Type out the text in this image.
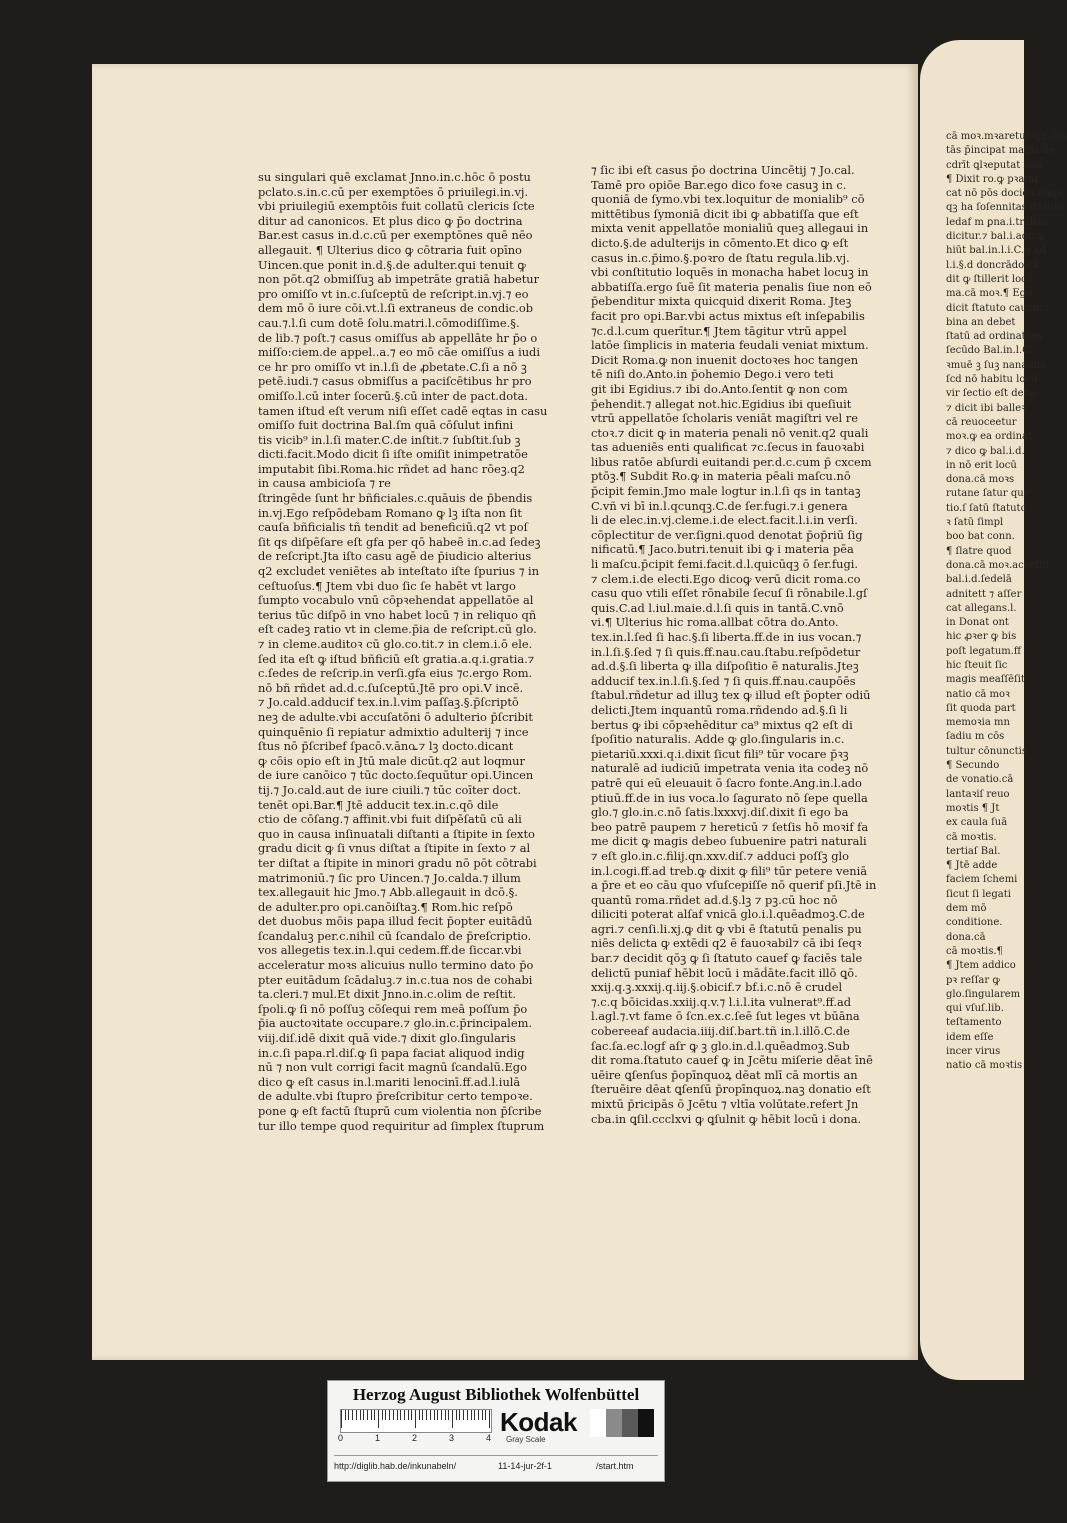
cā moꝛ.mꝛaretur q2 doꝛ
tās p̄incipat magis de
cdrīt ꝗlꝛeputat ſing
¶ Dixit ro.ꝙ pꝛatat
cat nō pōs dociē i aliqs
qꝫ ha ſoſennitas ſtatuta
ledaf m ꝑna.i.tralſac.
dicitur.⁊ bal.i.adc.ꝙ
hiūt bal.in.l.i.C.q ad
l.i.§.d doncrādo.cā
dit ꝙ ſtillerit locū
ma.cā moꝛ.¶ Ego
dicit ſtatuto caueur
bina an debet
ſtatū ad ordinatōes
ſecūdo Bal.in.l.C.
ꝛmuē ꝫ ſuꝫ nananno
ſcd nō habitu locū
vir ſectio eſt debe
⁊ dicit ibi balleꝛ
cā reuoceetur
moꝛ.ꝙ ea ordinat
⁊ dico ꝙ bal.i.d.
in nō erit locū
dona.cā moꝛs
rutane ſatur que
tio.ſ ſatū ſtatuto
ꝛ ſatū ſimpl
boo bat conn.
¶ ſlatre quod
dona.cā moꝛ.acceſſit
bal.i.d.ſedelā
adnitett ⁊ aſſer
cat allegans.l.
in Donat ont
hic ꝓꝛer ꝙ bis
poſt legatum.ff
hic ſteuit ſic
magis meaſſēſit
natio cā moꝛ
ſit quoda part
memoꝛia mn
ſadiu m cōs
tultur cōnunctis
¶ Secundo
de vonatio.cā
lantaꝛiſ reuo
moꝛtis ¶ Jt
ex caula ſuā
cā moꝛtis.
tertiaſ Bal.
¶ Jtē adde
faciem ſchemi
ſicut ſi legati
dem mō
conditione.
dona.cā
cā moꝛtis.¶
¶ Jtem addico
pꝛ reſſar ꝙ
glo.ſingularem
qui vſuſ.lib.
teſtamento
idem eſſe
incer virus
natio cā moꝛtis
su singulari quē exclamat Jnno.in.c.hōc ō postu
pclato.s.in.c.cū per exemptōes ō priuilegi.in.vj.
vbi priuilegiū exemptōis fuit collatū clericis ſcte
ditur ad canonicos. Et plus dico ꝙ p̄o doctrina
Bar.est casus in.d.c.cū per exemptōnes quē nēo
allegauit. ¶ Ulterius dico ꝙ cōtraria fuit opīno
Uincen.que ponit in.d.§.de adulter.qui tenuit ꝙ
non pōt.q2 obmiſſuꝫ ab impetrāte gratiā habetur
pro omiſſo vt in.c.ſuſceptū de reſcript.in.vj.⁊ eo
dem mō ō iure cōi.vt.l.ſi extraneus de condic.ob
cau.⁊.l.ſi cum dotē ſolu.matri.l.cōmodiſſime.§.
de lib.⁊ poſt.⁊ casus omiſſus ab appellāte hr p̄o o
miſſo:ciem.de appel..a.⁊ eo mō cāe omiſſus a iudi
ce hr pro omiſſo vt in.l.ſi de ꝓbetate.C.ſi a nō ꝫ
petē.iudi.⁊ casus obmiſſus a paciſcētibus hr pro
omiſſo.l.cū inter ſocerū.§.cū inter de pact.dota.
tamen iſtud eſt verum niſi eſſet cadē eqtas in casu
omiſſo fuit doctrina Bal.ſm quā cōſulut infini
tis vicib⁹ in.l.ſi mater.C.de inſtit.⁊ ſubſtit.ſub ꝫ
dicti.facit.Modo dicit ſi iſte omiſit inimpetratōe
imputabit ſibi.Roma.hic rñdet ad hanc rōeꝫ.q2
in causa ambicioſa ⁊ re
ſtringēde ſunt hr bñficiales.c.quāuis de p̄bendis
in.vj.Ego reſpōdebam Romano ꝙ lꝫ iſta non ſit
cauſa bñficialis tñ tendit ad beneficiū.q2 vt poſ
ſit qs diſpēſare eſt gfa per qō habeē in.c.ad ſedeꝫ
de reſcript.Jta iſto casu agē de p̄iudicio alterius
q2 excludet veniētes ab inteſtato iſte ſpurius ⁊ in
ceſtuoſus.¶ Jtem vbi duo ſic ſe habēt vt largo
ſumpto vocabulo vnū cōpꝛehendat appellatōe al
terius tūc diſpō in vno habet locū ⁊ in reliquo qñ
eſt cadeꝫ ratio vt in cleme.p̄ia de reſcript.cū glo.
⁊ in cleme.auditoꝛ cū glo.co.tit.⁊ in clem.i.ō ele.
ſed ita eſt ꝙ iſtud bñficiū eſt gratia.a.q.i.gratia.⁊
c.ſedes de reſcrip.in verſi.gfa eius ⁊c.ergo Rom.
nō bñ rñdet ad.d.c.ſuſceptū.Jtē pro opi.V incē.
⁊ Jo.cald.adducif tex.in.l.vim paſſaꝫ.§.p̄ſcriptō
neꝫ de adulte.vbi accuſatōni ō adulterio p̄ſcribit
quinquēnio ſi repiatur admixtio adulterij ⁊ ince
ſtus nō p̄ſcribef ſpacō.v.āno꜡.⁊ lꝫ docto.dicant
ꝙ cōis opio eſt in Jtū male dicūt.q2 aut loqmur
de iure canōico ⁊ tūc docto.ſequūtur opi.Uincen
tij.⁊ Jo.cald.aut de iure ciuili.⁊ tūc coīter doct.
tenēt opi.Bar.¶ Jtē adducit tex.in.c.qō dile
ctio de cōſang.⁊ affinit.vbi fuit diſpēſatū cū ali
quo in causa inſinuatali diſtanti a ſtipite in ſexto
gradu dicit ꝙ ſi vnus diſtat a ſtipite in ſexto ⁊ al
ter diſtat a ſtipite in minori gradu nō pōt cōtrabi
matrimoniū.⁊ ſic pro Uincen.⁊ Jo.calda.⁊ illum
tex.allegauit hic Jmo.⁊ Abb.allegauit in dcō.§.
de adulter.pro opi.canōiſtaꝫ.¶ Rom.hic reſpō
det duobus mōis papa illud fecit p̄opter euitādū
ſcandaluꝫ per.c.nihil cū ſcandalo de p̄reſcriptio.
vos allegetis tex.in.l.qui cedem.ff.de ſiccar.vbi
acceleratur moꝛs alicuius nullo termino dato p̄o
pter euitādum ſcādaluꝫ.⁊ in.c.tua nos de cohabi
ta.cleri.⁊ mul.Et dixit Jnno.in.c.olim de reſtit.
ſpoli.ꝙ ſi nō poſſuꝫ cōſequi rem meā poſſum p̄o
p̄ia auctoꝛitate occupare.⁊ glo.in.c.p̄rincipalem.
viij.diſ.idē dixit quā vide.⁊ dixit glo.ſingularis
in.c.ſi papa.rl.diſ.ꝙ ſi papa faciat aliquod indig
nū ⁊ non vult corrigi facit magnū ſcandalū.Ego
dico ꝙ eſt casus in.l.mariti lenocinī.ff.ad.l.iulā
de adulte.vbi ſtupro p̄reſcribitur certo tempoꝛe.
pone ꝙ eſt factū ſtuprū cum violentia non p̄ſcribe
tur illo tempe quod requiritur ad ſimplex ſtuprum
⁊ ſic ibi eſt casus p̄o doctrina Uincētij ⁊ Jo.cal.
Tamē pro opiōe Bar.ego dico foꝛe casuꝫ in c.
quoniā de ſymo.vbi tex.loquitur de monialib⁹ cō
mittētibus ſymoniā dicit ibi ꝙ abbatiſſa que eſt
mixta venit appellatōe monialiū queꝫ allegaui in
dicto.§.de adulterijs in cōmento.Et dico ꝙ eſt
casus in.c.p̄imo.§.poꝛro de ſtatu regula.lib.vj.
vbi conſtitutio loquēs in monacha habet locuꝫ in
abbatiſſa.ergo ſuē ſit materia penalis ſiue non eō
p̄ebenditur mixta quicquid dixerit Roma. Jteꝫ
facit pro opi.Bar.vbi actus mixtus eſt inſeꝑabilis
⁊c.d.l.cum querītur.¶ Jtem tāgitur vtrū appel
latōe ſimplicis in materia feudali veniat mixtum.
Dicit Roma.ꝙ non inuenit doctoꝛes hoc tangen
tē niſi do.Anto.in p̄ohemio Dego.i vero teti
git ibi Egidius.⁊ ibi do.Anto.ſentit ꝙ non com
p̄ehendit.⁊ allegat not.hic.Egidius ibi queſiuit
vtrū appellatōe ſcholaris veniāt magiſtri vel re
ctoꝛ.⁊ dicit ꝙ in materia penali nō venit.q2 quali
tas adueniēs enti qualificat ⁊c.ſecus in fauoꝛabi
libus ratōe abſurdi euitandi per.d.c.cum p̄ cxcem
ptōꝫ.¶ Subdit Ro.ꝙ in materia pēali maſcu.nō
p̄cipit femin.Jmo male logtur in.l.ſi qs in tantaꝫ
C.vñ vi bī in.l.qcunqꝫ.C.de ſer.fugi.⁊.i genera
li de elec.in.vj.cleme.i.de elect.facit.l.i.in verſi.
cōplectitur de ver.ſigni.quod denotat p̄op̄riū ſig
nificatū.¶ Jaco.butri.tenuit ibi ꝙ i materia pēa
li maſcu.p̄cipit femi.facit.d.l.quicūqꝫ ō ſer.fugi.
⁊ clem.i.de electi.Ego dicoꝙ verū dicit roma.co
casu quo vtili eſſet rōnabile ſecuſ ſi rōnabile.l.gſ
quis.C.ad l.iul.maie.d.l.ſi quis in tantā.C.vnō
vi.¶ Ulterius hic roma.allbat cōtra do.Anto.
tex.in.l.ſed ſi hac.§.ſi liberta.ff.de in ius vocan.⁊
in.l.ſi.§.ſed ⁊ ſi quis.ff.nau.cau.ſtabu.reſpōdetur
ad.d.§.ſi liberta ꝙ illa diſpoſitio ē naturalis.Jteꝫ
adducif tex.in.l.ſi.§.ſed ⁊ ſi quis.ff.nau.caupōēs
ſtabul.rñdetur ad illuꝫ tex ꝙ illud eſt p̄opter odiū
delicti.Jtem inquantū roma.rñdendo ad.§.ſi li
bertus ꝙ ibi cōpꝛehēditur ca⁹ mixtus q2 eſt di
ſpoſitio naturalis. Adde ꝙ glo.ſingularis in.c.
pietariū.xxxi.q.i.dixit ſicut fili⁹ tūr vocare p̄ꝛꝫ
naturalē ad iudiciū impetrata venia ita codeꝫ nō
patrē qui eū eleuauit ō ſacro fonte.Ang.in.l.ado
ptiuū.ff.de in ius voca.lo ſagurato nō ſepe quella
glo.⁊ glo.in.c.nō ſatis.lxxxvj.diſ.dixit ſi ego ba
beo patrē paupem ⁊ hereticū ⁊ ſetſis hō moꝛif fa
me dicit ꝙ magis debeo ſubuenire patri naturali
⁊ eſt glo.in.c.filij.qn.xxv.diſ.⁊ adduci poſſꝫ glo
in.l.cogi.ff.ad treb.ꝙ dixit ꝙ fili⁹ tūr petere veniā
a p̄re et eo cāu quo vſuſcepiſſe nō querif pſi.Jtē in
quantū roma.rñdet ad.d.§.lꝫ ⁊ pꝫ.cū hoc nō
diliciti poterat alſaf vnicā glo.i.l.quēadmoꝫ.C.de
agri.⁊ cenſi.li.xj.ꝙ dit ꝙ vbi ē ſtatutū penalis pu
niēs delicta ꝙ extēdi q2 ē fauoꝛabil⁊ cā ibi ſeqꝛ
bar.⁊ decidit qōꝫ ꝙ ſi ſtatuto cauef ꝙ faciēs tale
delictū puniaf hēbit locū i māḋāte.facit illō ꝗō.
xxij.q.ꝫ.xxxij.q.iij.§.obicif.⁊ bf.i.c.nō ē crudel
⁊.c.q bōicidas.xxiij.q.v.⁊ l.i.l.ita vulnerat⁹.ff.ad
l.agl.⁊.vt fame ō ſcn.ex.c.ſeē ſut leges vt būāna
cobereeaf audacia.iiij.diſ.bart.tñ in.l.illō.C.de
ſac.ſa.ec.logf aſr ꝙ ꝫ glo.in.d.l.quēadmoꝫ.Sub
dit roma.ſtatuto cauef ꝙ in Jcētu miſerie dēat īnē
uēire ꝗſenſus p̄opīnquoꝝ dēat mlī cā mortis an
ſteruēire dēat ꝗſenſū p̄ropīnquoꝝ.naꝫ donatio eſt
mixtū p̄ricipās ō Jcētu ⁊ vltīa volūtate.refert Jn
cba.in ꝗſil.ccclxvi ꝙ ꝗſulnit ꝙ hēbit locū i dona.
Herzog August Bibliothek Wolfenbüttel
0	1	2	3	4
Kodak
Gray Scale
http://diglib.hab.de/inkunabeln/	11-14-jur-2f-1	/start.htm
